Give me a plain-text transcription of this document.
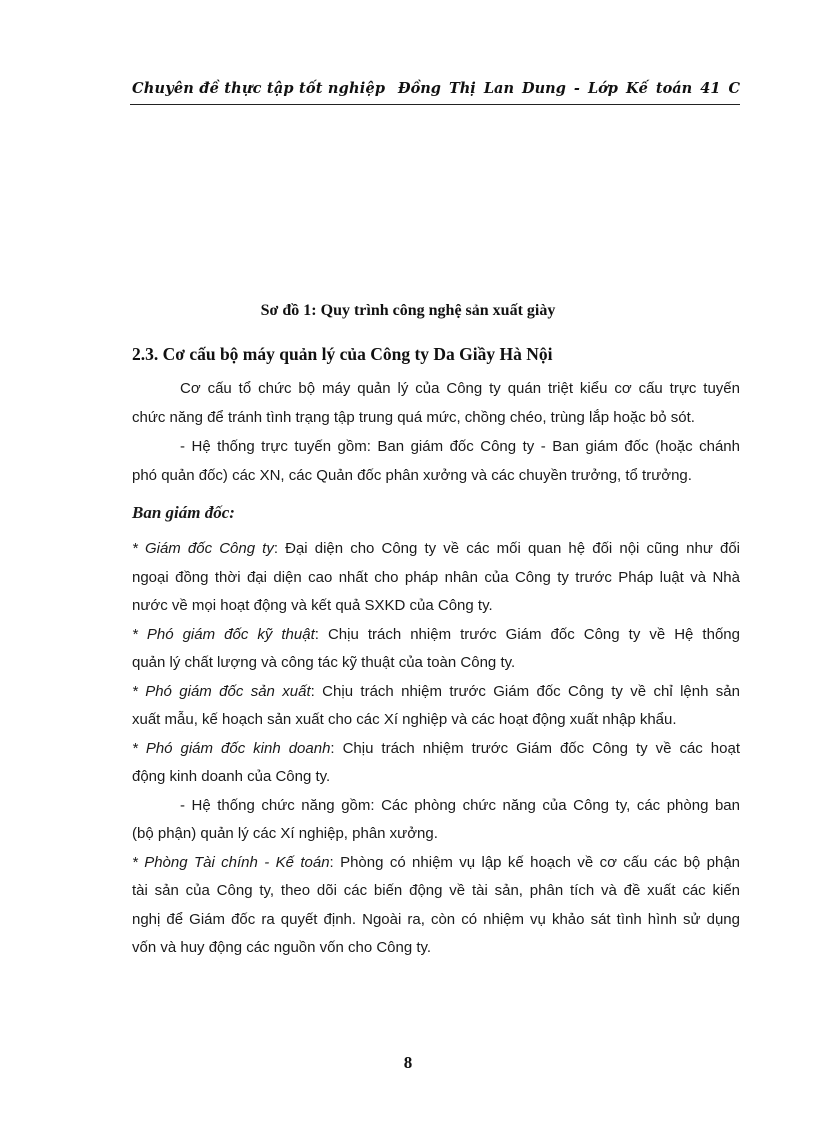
Chuyên đề thực tập tốt nghiệp Đồng Thị Lan Dung - Lớp Kế toán 41 C
Sơ đồ 1: Quy trình công nghệ sản xuất giày
2.3. Cơ cấu bộ máy quản lý của Công ty Da Giầy Hà Nội
Cơ cấu tổ chức bộ máy quản lý của Công ty quán triệt kiểu cơ cấu trực tuyến
chức năng để tránh tình trạng tập trung quá mức, chồng chéo, trùng lắp hoặc bỏ sót.
- Hệ thống trực tuyến gồm: Ban giám đốc Công ty - Ban giám đốc (hoặc chánh
phó quản đốc) các XN, các Quản đốc phân xưởng và các chuyền trưởng, tổ trưởng.
Ban giám đốc:
* Giám đốc Công ty: Đại diện cho Công ty về các mối quan hệ đối nội cũng như đối
ngoại đồng thời đại diện cao nhất cho pháp nhân của Công ty trước Pháp luật và Nhà
nước về mọi hoạt động và kết quả SXKD của Công ty.
* Phó giám đốc kỹ thuật: Chịu trách nhiệm trước Giám đốc Công ty về Hệ thống
quản lý chất lượng và công tác kỹ thuật của toàn Công ty.
* Phó giám đốc sản xuất: Chịu trách nhiệm trước Giám đốc Công ty về chỉ lệnh sản
xuất mẫu, kế hoạch sản xuất cho các Xí nghiệp và các hoạt động xuất nhập khẩu.
* Phó giám đốc kinh doanh: Chịu trách nhiệm trước Giám đốc Công ty về các hoạt
động kinh doanh của Công ty.
- Hệ thống chức năng gồm: Các phòng chức năng của Công ty, các phòng ban
(bộ phận) quản lý các Xí nghiệp, phân xưởng.
* Phòng Tài chính - Kế toán: Phòng có nhiệm vụ lập kế hoạch về cơ cấu các bộ phận
tài sản của Công ty, theo dõi các biến động về tài sản, phân tích và đề xuất các kiến
nghị để Giám đốc ra quyết định. Ngoài ra, còn có nhiệm vụ khảo sát tình hình sử dụng
vốn và huy động các nguồn vốn cho Công ty.
8
